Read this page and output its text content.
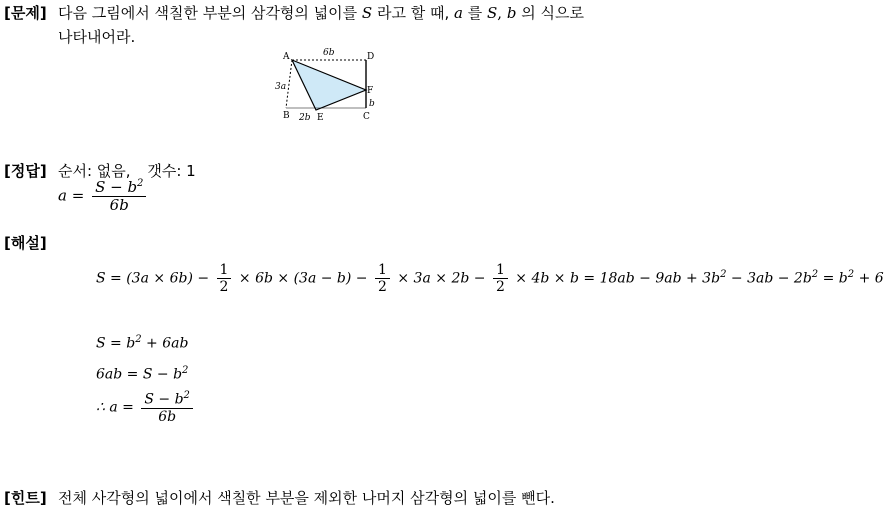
[문제] 다음 그림에서 색칠한 부분의 삼각형의 넓이를 S 라고 할 때, a 를 S, b 의 식으로
나타내어라.
A	D
F
C
E
B
6b
3a
b
2b
[정답] 순서: 없음, 갯수: 1
$a = \frac{S - b^2}{6b}$
[해설]
$S = (3a \times 6b) - \frac{1}{2} \times 6b \times (3a - b) - \frac{1}{2} \times 3a \times 2b - \frac{1}{2} \times 4b \times b = 18ab - 9ab + 3b^2 - 3ab - 2b^2 = b^2 + 6$
$S = b^2 + 6ab$
$6ab = S - b^2$
∴ $a = \frac{S - b^2}{6b}$
[힌트] 전체 사각형의 넓이에서 색칠한 부분을 제외한 나머지 삼각형의 넓이를 뺀다.
